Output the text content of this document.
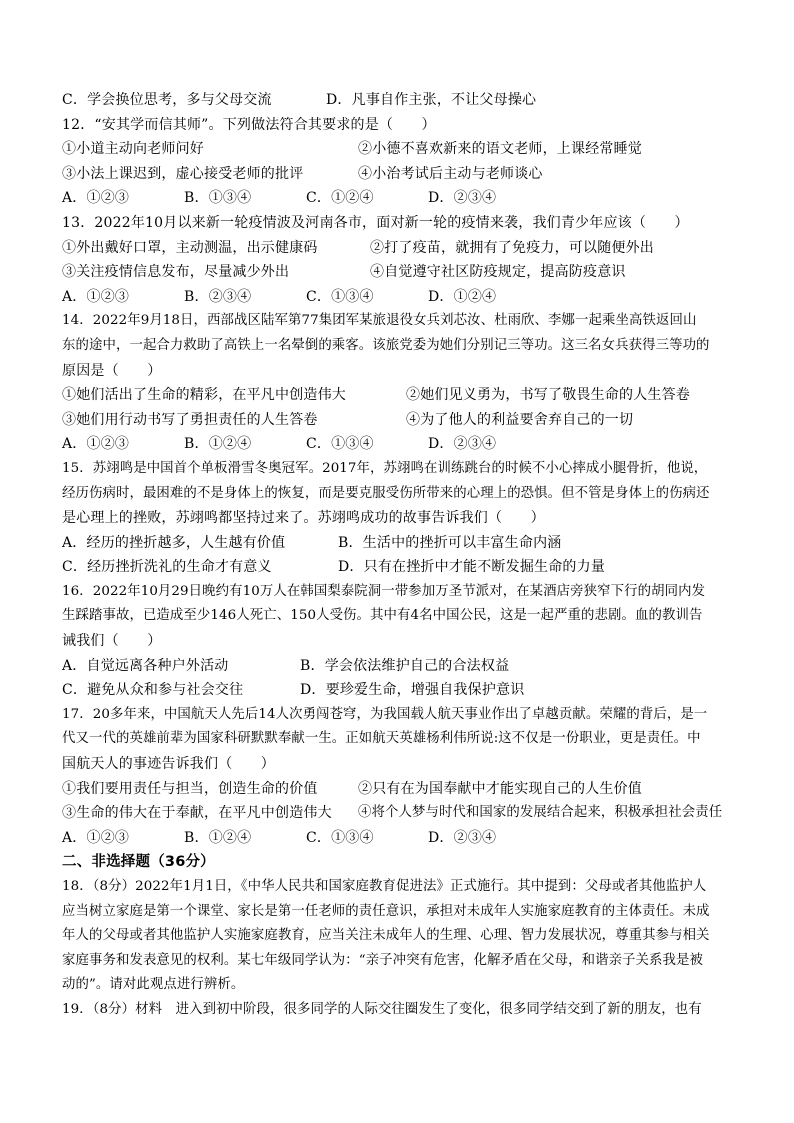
C．学会换位思考，多与父母交流	D．凡事自作主张，不让父母操心
12．“安其学而信其师”。下列做法符合其要求的是（　　）
①小道主动向老师问好	②小德不喜欢新来的语文老师，上课经常睡觉
③小法上课迟到，虚心接受老师的批评	④小治考试后主动与老师谈心
A．①②③	B．①③④	C．①②④	D．②③④
13．2022年10月以来新一轮疫情波及河南各市，面对新一轮的疫情来袭，我们青少年应该（　　）
①外出戴好口罩，主动测温，出示健康码	②打了疫苗，就拥有了免疫力，可以随便外出
③关注疫情信息发布，尽量减少外出	④自觉遵守社区防疫规定，提高防疫意识
A．①②③	B．②③④	C．①③④	D．①②④
14．2022年9月18日，西部战区陆军第77集团军某旅退役女兵刘芯汝、杜雨欣、李娜一起乘坐高铁返回山
东的途中，一起合力救助了高铁上一名晕倒的乘客。该旅党委为她们分别记三等功。这三名女兵获得三等功的
原因是（　　）
①她们活出了生命的精彩，在平凡中创造伟大	②她们见义勇为，书写了敬畏生命的人生答卷
③她们用行动书写了勇担责任的人生答卷	④为了他人的利益要舍弃自己的一切
A．①②③	B．①②④	C．①③④	D．②③④
15．苏翊鸣是中国首个单板滑雪冬奥冠军。2017年，苏翊鸣在训练跳台的时候不小心摔成小腿骨折，他说，
经历伤病时，最困难的不是身体上的恢复，而是要克服受伤所带来的心理上的恐惧。但不管是身体上的伤病还
是心理上的挫败，苏翊鸣都坚持过来了。苏翊鸣成功的故事告诉我们（　　）
A．经历的挫折越多，人生越有价值	B．生活中的挫折可以丰富生命内涵
C．经历挫折洗礼的生命才有意义	D．只有在挫折中才能不断发掘生命的力量
16．2022年10月29日晚约有10万人在韩国梨泰院洞一带参加万圣节派对，在某酒店旁狭窄下行的胡同内发
生踩踏事故，已造成至少146人死亡、150人受伤。其中有4名中国公民，这是一起严重的悲剧。血的教训告
诫我们（　　）
A．自觉远离各种户外活动	B．学会依法维护自己的合法权益
C．避免从众和参与社会交往	D．要珍爱生命，增强自我保护意识
17．20多年来，中国航天人先后14人次勇闯苍穹，为我国载人航天事业作出了卓越贡献。荣耀的背后，是一
代又一代的英雄前辈为国家科研默默奉献一生。正如航天英雄杨利伟所说:这不仅是一份职业，更是责任。中
国航天人的事迹告诉我们（　　）
①我们要用责任与担当，创造生命的价值	②只有在为国奉献中才能实现自己的人生价值
③生命的伟大在于奉献，在平凡中创造伟大	④将个人梦与时代和国家的发展结合起来，积极承担社会责任
A．①②③	B．①②④	C．①③④	D．②③④
二、非选择题（36分）
18．（8分）2022年1月1日，《中华人民共和国家庭教育促进法》正式施行。其中提到：父母或者其他监护人
应当树立家庭是第一个课堂、家长是第一任老师的责任意识，承担对未成年人实施家庭教育的主体责任。未成
年人的父母或者其他监护人实施家庭教育，应当关注未成年人的生理、心理、智力发展状况，尊重其参与相关
家庭事务和发表意见的权利。某七年级同学认为：“亲子冲突有危害，化解矛盾在父母，和谐亲子关系我是被
动的”。请对此观点进行辨析。
19．（8分）材料　进入到初中阶段，很多同学的人际交往圈发生了变化，很多同学结交到了新的朋友，也有
